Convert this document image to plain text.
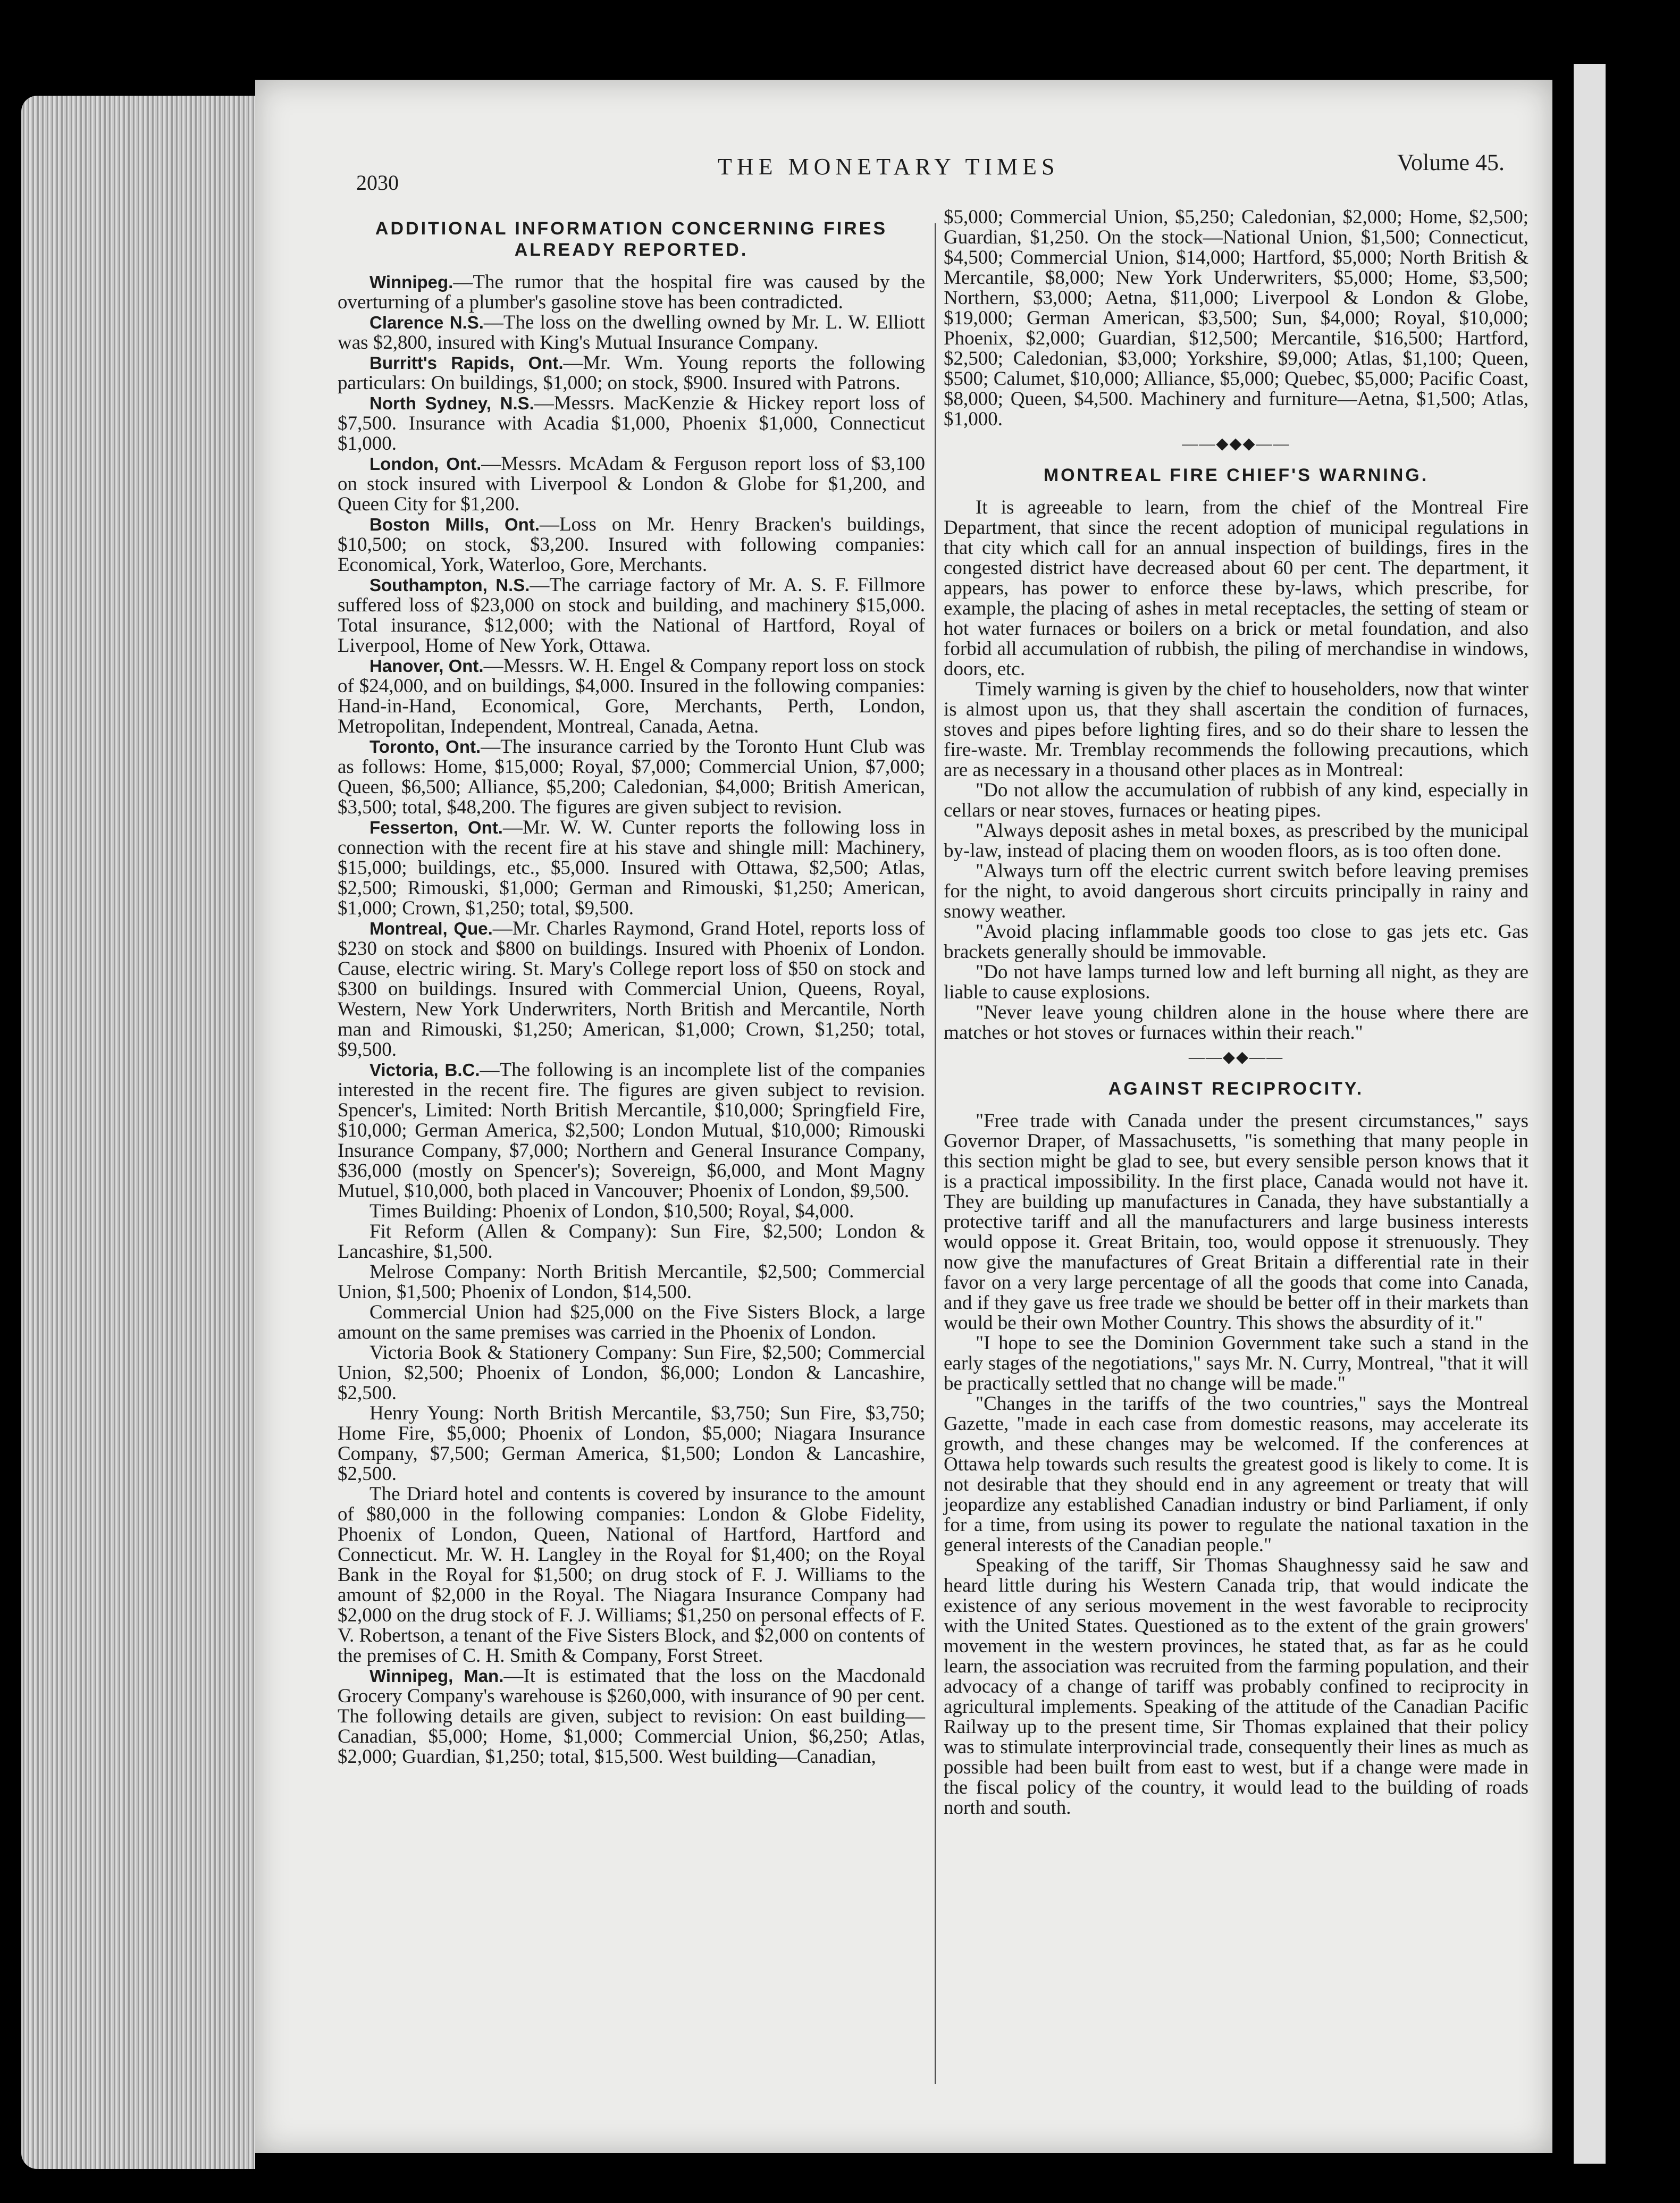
2030
THE MONETARY TIMES	Volume 45.
ADDITIONAL INFORMATION CONCERNING FIRES ALREADY REPORTED.

Winnipeg.—The rumor that the hospital fire was caused by the overturning of a plumber's gasoline stove has been contradicted.

Clarence N.S.—The loss on the dwelling owned by Mr. L. W. Elliott was $2,800, insured with King's Mutual Insurance Company.

Burritt's Rapids, Ont.—Mr. Wm. Young reports the following particulars: On buildings, $1,000; on stock, $900. Insured with Patrons.

North Sydney, N.S.—Messrs. MacKenzie & Hickey report loss of $7,500. Insurance with Acadia $1,000, Phoenix $1,000, Connecticut $1,000.

London, Ont.—Messrs. McAdam & Ferguson report loss of $3,100 on stock insured with Liverpool & London & Globe for $1,200, and Queen City for $1,200.

Boston Mills, Ont.—Loss on Mr. Henry Bracken's buildings, $10,500; on stock, $3,200. Insured with following companies: Economical, York, Waterloo, Gore, Merchants.

Southampton, N.S.—The carriage factory of Mr. A. S. F. Fillmore suffered loss of $23,000 on stock and building, and machinery $15,000. Total insurance, $12,000; with the National of Hartford, Royal of Liverpool, Home of New York, Ottawa.

Hanover, Ont.—Messrs. W. H. Engel & Company report loss on stock of $24,000, and on buildings, $4,000. Insured in the following companies: Hand-in-Hand, Economical, Gore, Merchants, Perth, London, Metropolitan, Independent, Montreal, Canada, Aetna.

Toronto, Ont.—The insurance carried by the Toronto Hunt Club was as follows: Home, $15,000; Royal, $7,000; Commercial Union, $7,000; Queen, $6,500; Alliance, $5,200; Caledonian, $4,000; British American, $3,500; total, $48,200. The figures are given subject to revision.

Fesserton, Ont.—Mr. W. W. Cunter reports the following loss in connection with the recent fire at his stave and shingle mill: Machinery, $15,000; buildings, etc., $5,000. Insured with Ottawa, $2,500; Atlas, $2,500; Rimouski, $1,000; German and Rimouski, $1,250; American, $1,000; Crown, $1,250; total, $9,500.

Montreal, Que.—Mr. Charles Raymond, Grand Hotel, reports loss of $230 on stock and $800 on buildings. Insured with Phoenix of London. Cause, electric wiring. St. Mary's College report loss of $50 on stock and $300 on buildings. Insured with Commercial Union, Queens, Royal, Western, New York Underwriters, North British and Mercantile, North man and Rimouski, $1,250; American, $1,000; Crown, $1,250; total, $9,500.

Victoria, B.C.—The following is an incomplete list of the companies interested in the recent fire. The figures are given subject to revision. Spencer's, Limited: North British Mercantile, $10,000; Springfield Fire, $10,000; German America, $2,500; London Mutual, $10,000; Rimouski Insurance Company, $7,000; Northern and General Insurance Company, $36,000 (mostly on Spencer's); Sovereign, $6,000, and Mont Magny Mutuel, $10,000, both placed in Vancouver; Phoenix of London, $9,500.

Times Building: Phoenix of London, $10,500; Royal, $4,000.

Fit Reform (Allen & Company): Sun Fire, $2,500; London & Lancashire, $1,500.

Melrose Company: North British Mercantile, $2,500; Commercial Union, $1,500; Phoenix of London, $14,500.

Commercial Union had $25,000 on the Five Sisters Block, a large amount on the same premises was carried in the Phoenix of London.

Victoria Book & Stationery Company: Sun Fire, $2,500; Commercial Union, $2,500; Phoenix of London, $6,000; London & Lancashire, $2,500.

Henry Young: North British Mercantile, $3,750; Sun Fire, $3,750; Home Fire, $5,000; Phoenix of London, $5,000; Niagara Insurance Company, $7,500; German America, $1,500; London & Lancashire, $2,500.

The Driard hotel and contents is covered by insurance to the amount of $80,000 in the following companies: London & Globe Fidelity, Phoenix of London, Queen, National of Hartford, Hartford and Connecticut. Mr. W. H. Langley in the Royal for $1,400; on the Royal Bank in the Royal for $1,500; on drug stock of F. J. Williams to the amount of $2,000 in the Royal. The Niagara Insurance Company had $2,000 on the drug stock of F. J. Williams; $1,250 on personal effects of F. V. Robertson, a tenant of the Five Sisters Block, and $2,000 on contents of the premises of C. H. Smith & Company, Forst Street.

Winnipeg, Man.—It is estimated that the loss on the Macdonald Grocery Company's warehouse is $260,000, with insurance of 90 per cent. The following details are given, subject to revision: On east building—Canadian, $5,000; Home, $1,000; Commercial Union, $6,250; Atlas, $2,000; Guardian, $1,250; total, $15,500. West building—Canadian,

$5,000; Commercial Union, $5,250; Caledonian, $2,000; Home, $2,500; Guardian, $1,250. On the stock—National Union, $1,500; Connecticut, $4,500; Commercial Union, $14,000; Hartford, $5,000; North British & Mercantile, $8,000; New York Underwriters, $5,000; Home, $3,500; Northern, $3,000; Aetna, $11,000; Liverpool & London & Globe, $19,000; German American, $3,500; Sun, $4,000; Royal, $10,000; Phoenix, $2,000; Guardian, $12,500; Mercantile, $16,500; Hartford, $2,500; Caledonian, $3,000; Yorkshire, $9,000; Atlas, $1,100; Queen, $500; Calumet, $10,000; Alliance, $5,000; Quebec, $5,000; Pacific Coast, $8,000; Queen, $4,500. Machinery and furniture—Aetna, $1,500; Atlas, $1,000.

——◆◆◆——
MONTREAL FIRE CHIEF'S WARNING.

It is agreeable to learn, from the chief of the Montreal Fire Department, that since the recent adoption of municipal regulations in that city which call for an annual inspection of buildings, fires in the congested district have decreased about 60 per cent. The department, it appears, has power to enforce these by-laws, which prescribe, for example, the placing of ashes in metal receptacles, the setting of steam or hot water furnaces or boilers on a brick or metal foundation, and also forbid all accumulation of rubbish, the piling of merchandise in windows, doors, etc.

Timely warning is given by the chief to householders, now that winter is almost upon us, that they shall ascertain the condition of furnaces, stoves and pipes before lighting fires, and so do their share to lessen the fire-waste. Mr. Tremblay recommends the following precautions, which are as necessary in a thousand other places as in Montreal:

"Do not allow the accumulation of rubbish of any kind, especially in cellars or near stoves, furnaces or heating pipes.

"Always deposit ashes in metal boxes, as prescribed by the municipal by-law, instead of placing them on wooden floors, as is too often done.

"Always turn off the electric current switch before leaving premises for the night, to avoid dangerous short circuits principally in rainy and snowy weather.

"Avoid placing inflammable goods too close to gas jets etc. Gas brackets generally should be immovable.

"Do not have lamps turned low and left burning all night, as they are liable to cause explosions.

"Never leave young children alone in the house where there are matches or hot stoves or furnaces within their reach."

——◆◆——
AGAINST RECIPROCITY.

"Free trade with Canada under the present circumstances," says Governor Draper, of Massachusetts, "is something that many people in this section might be glad to see, but every sensible person knows that it is a practical impossibility. In the first place, Canada would not have it. They are building up manufactures in Canada, they have substantially a protective tariff and all the manufacturers and large business interests would oppose it. Great Britain, too, would oppose it strenuously. They now give the manufactures of Great Britain a differential rate in their favor on a very large percentage of all the goods that come into Canada, and if they gave us free trade we should be better off in their markets than would be their own Mother Country. This shows the absurdity of it."

"I hope to see the Dominion Government take such a stand in the early stages of the negotiations," says Mr. N. Curry, Montreal, "that it will be practically settled that no change will be made."

"Changes in the tariffs of the two countries," says the Montreal Gazette, "made in each case from domestic reasons, may accelerate its growth, and these changes may be welcomed. If the conferences at Ottawa help towards such results the greatest good is likely to come. It is not desirable that they should end in any agreement or treaty that will jeopardize any established Canadian industry or bind Parliament, if only for a time, from using its power to regulate the national taxation in the general interests of the Canadian people."

Speaking of the tariff, Sir Thomas Shaughnessy said he saw and heard little during his Western Canada trip, that would indicate the existence of any serious movement in the west favorable to reciprocity with the United States. Questioned as to the extent of the grain growers' movement in the western provinces, he stated that, as far as he could learn, the association was recruited from the farming population, and their advocacy of a change of tariff was probably confined to reciprocity in agricultural implements. Speaking of the attitude of the Canadian Pacific Railway up to the present time, Sir Thomas explained that their policy was to stimulate interprovincial trade, consequently their lines as much as possible had been built from east to west, but if a change were made in the fiscal policy of the country, it would lead to the building of roads north and south.
